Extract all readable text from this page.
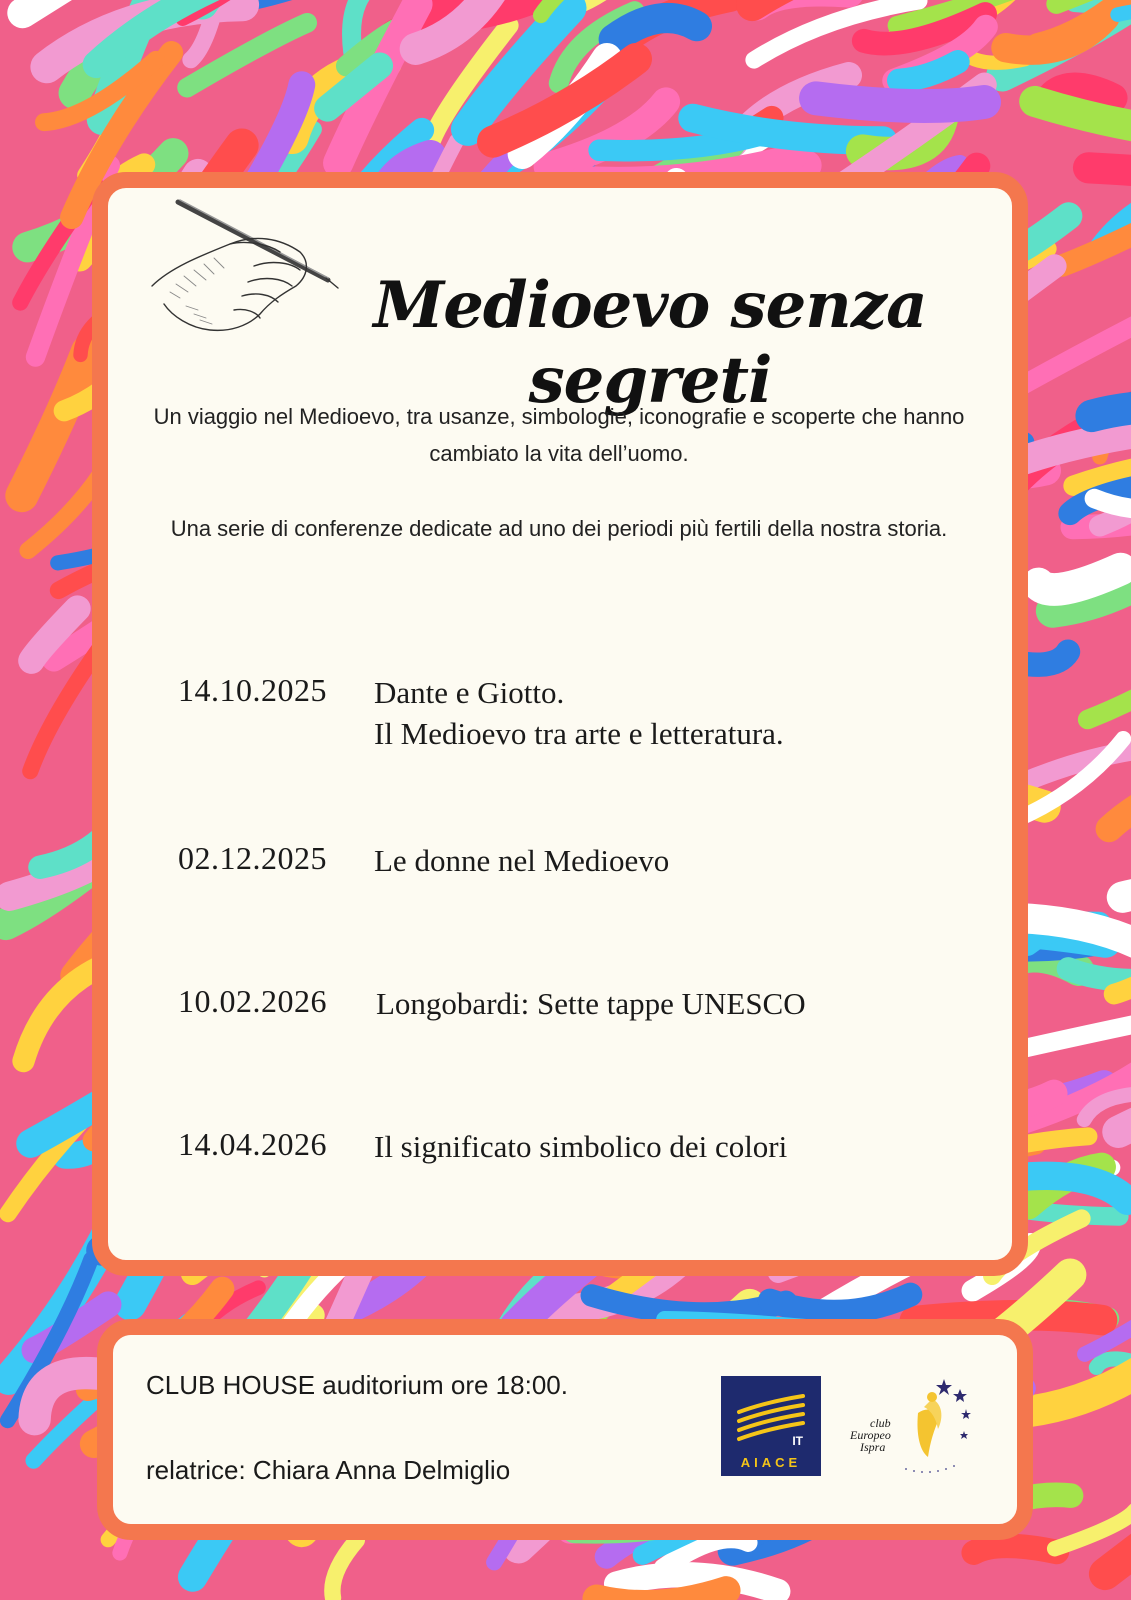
Medioevo senza segreti

Un viaggio nel Medioevo, tra usanze, simbologie, iconografie e scoperte che hanno cambiato la vita dell’uomo.

Una serie di conferenze dedicate ad uno dei periodi più fertili della nostra storia.

14.10.2025 Dante e Giotto.
Il Medioevo tra arte e letteratura.
02.12.2025 Le donne nel Medioevo
10.02.2026 Longobardi: Sette tappe UNESCO
14.04.2026 Il significato simbolico dei colori
CLUB HOUSE auditorium ore 18:00.
relatrice: Chiara Anna Delmiglio
IT
AIACE
club
Europeo
Ispra
